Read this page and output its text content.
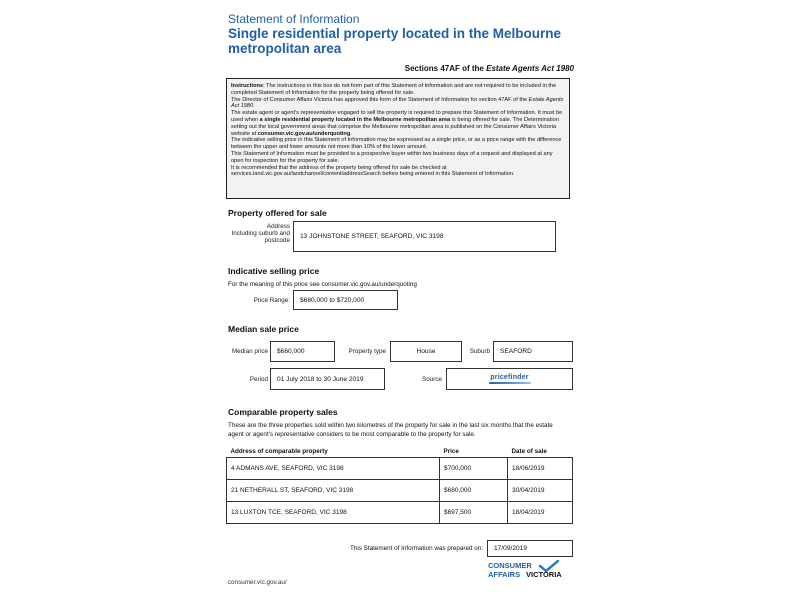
Statement of Information
Single residential property located in the Melbourne metropolitan area
Sections 47AF of the Estate Agents Act 1980

Instructions: The instructions in this box do not form part of this Statement of Information and are not required to be included in the completed Statement of Information for the property being offered for sale.

The Director of Consumer Affairs Victoria has approved this form of the Statement of Information for section 47AF of the Estate Agents Act 1980.

The estate agent or agent's representative engaged to sell the property is required to prepare this Statement of Information. It must be used when a single residential property located in the Melbourne metropolitan area is being offered for sale. The Determination setting out the local government areas that comprise the Melbourne metropolitan area is published on the Consumer Affairs Victoria website at consumer.vic.gov.au/underquoting.

The indicative selling price in this Statement of Information may be expressed as a single price, or as a price range with the difference between the upper and lower amounts not more than 10% of the lower amount.

This Statement of Information must be provided to a prospective buyer within two business days of a request and displayed at any open for inspection for the property for sale.

It is recommended that the address of the property being offered for sale be checked at services.land.vic.gov.au/landchannel/content/addressSearch before being entered in this Statement of Information.

Property offered for sale
Address
Including suburb and postcode
13 JOHNSTONE STREET, SEAFORD, VIC 3198
Indicative selling price
For the meaning of this price see consumer.vic.gov.au/underquoting
Price Range:	$680,000 to $720,000
Median sale price
Median price	$660,000	Property type	House	Suburb	SEAFORD
Period	01 July 2018 to 30 June 2019	Source	pricefinder
Comparable property sales
These are the three properties sold within two kilometres of the property for sale in the last six months that the estate agent or agent's representative considers to be most comparable to the property for sale.
Address of comparable property	Price	Date of sale
4 ADMANS AVE, SEAFORD, VIC 3198	$700,000	18/06/2019
21 NETHERALL ST, SEAFORD, VIC 3198	$680,000	30/04/2019
13 LUXTON TCE, SEAFORD, VIC 3198	$697,500	18/04/2019
This Statement of Information was prepared on:	17/09/2019
consumer.vic.gov.au/
CONSUMER
AFFAIRS VICTORIA
